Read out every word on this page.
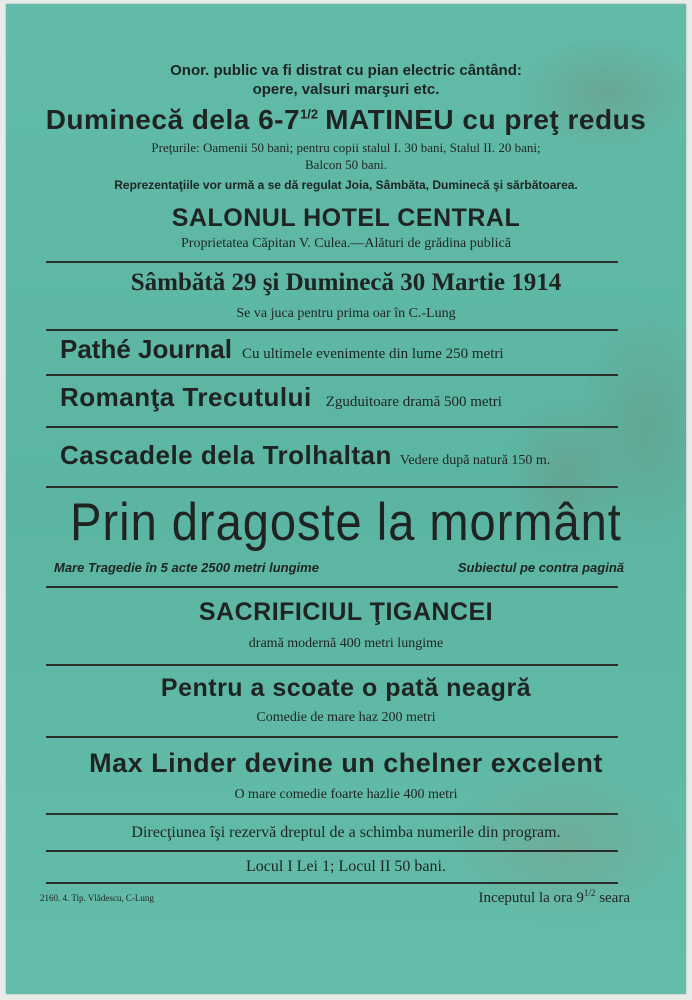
Onor. public va fi distrat cu pian electric cântând:
opere, valsuri marşuri etc.
Duminecă dela $6-7^{1/2}$ MATINEU cu preţ redus
Preţurile: Oamenii 50 bani; pentru copii stalul I. 30 bani, Stalul II. 20 bani;
Balcon 50 bani.
Reprezentaţiile vor urmă a se dă regulat Joia, Sâmbăta, Duminecă şi sărbătoarea.
SALONUL HOTEL CENTRAL
Proprietatea Căpitan V. Culea.—Alături de grădina publică
Sâmbătă 29 şi Duminecă 30 Martie 1914
Se va juca pentru prima oar în C.-Lung
Pathé Journal Cu ultimele evenimente din lume 250 metri
Romanţa Trecutului Zguduitoare dramă 500 metri
Cascadele dela Trolhaltan Vedere după natură 150 m.
Prin dragoste la mormânt
Mare Tragedie în 5 acte 2500 metri lungime	Subiectul pe contra pagină
SACRIFICIUL ŢIGANCEI
dramă modernă 400 metri lungime
Pentru a scoate o pată neagră
Comedie de mare haz 200 metri
Max Linder devine un chelner excelent
O mare comedie foarte hazlie 400 metri
Direcţiunea îşi rezervă dreptul de a schimba numerile din program.
Locul I Lei 1; Locul II 50 bani.
2160. 4. Tip. Vlădescu, C-Lung	Inceputul la ora $9^{1/2}$ seara
